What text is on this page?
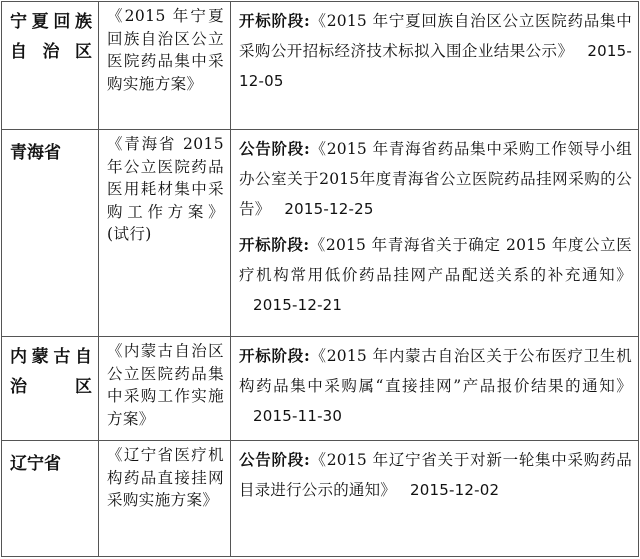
宁夏回族自治区	《2015 年宁夏回族自治区公立医院药品集中采购实施方案》	开标阶段:《2015 年宁夏回族自治区公立医院药品集中采购公开招标经济技术标拟入围企业结果公示》 2015-12-05

青海省	《青海省 2015 年公立医院药品医用耗材集中采购工作方案》(试行)	公告阶段:《2015 年青海省药品集中采购工作领导小组办公室关于2015年度青海省公立医院药品挂网采购的公告》 2015-12-25
开标阶段:《2015 年青海省关于确定 2015 年度公立医疗机构常用低价药品挂网产品配送关系的补充通知》2015-12-21

内蒙古自治区	《内蒙古自治区公立医院药品集中采购工作实施方案》	开标阶段:《2015 年内蒙古自治区关于公布医疗卫生机构药品集中采购属“直接挂网”产品报价结果的通知》2015-11-30

辽宁省	《辽宁省医疗机构药品直接挂网采购实施方案》	公告阶段:《2015 年辽宁省关于对新一轮集中采购药品目录进行公示的通知》 2015-12-02
